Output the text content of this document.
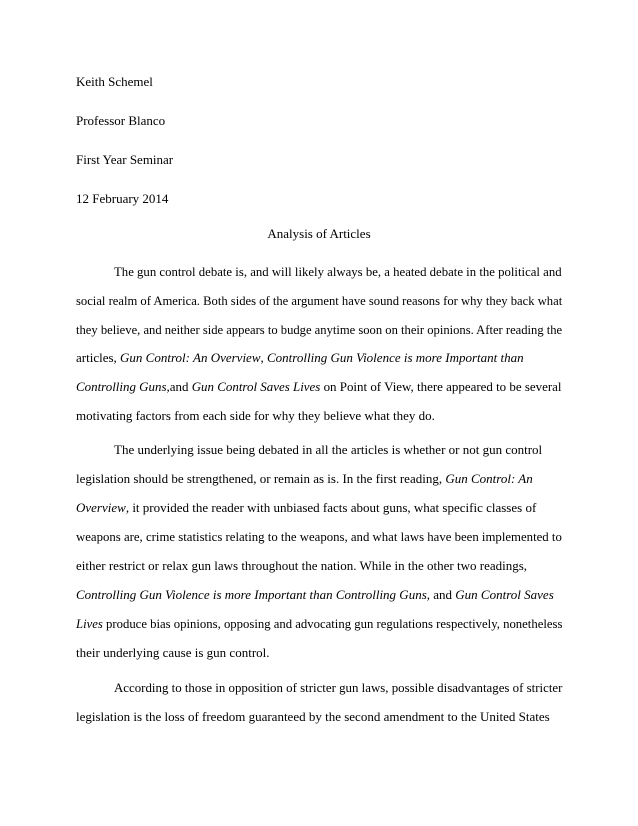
Keith Schemel
Professor Blanco
First Year Seminar
12 February 2014
Analysis of Articles
The gun control debate is, and will likely always be, a heated debate in the political and
social realm of America. Both sides of the argument have sound reasons for why they back what
they believe, and neither side appears to budge anytime soon on their opinions. After reading the
articles, Gun Control: An Overview, Controlling Gun Violence is more Important than
Controlling Guns,and Gun Control Saves Lives on Point of View, there appeared to be several
motivating factors from each side for why they believe what they do.
The underlying issue being debated in all the articles is whether or not gun control
legislation should be strengthened, or remain as is. In the first reading, Gun Control: An
Overview, it provided the reader with unbiased facts about guns, what specific classes of
weapons are, crime statistics relating to the weapons, and what laws have been implemented to
either restrict or relax gun laws throughout the nation. While in the other two readings,
Controlling Gun Violence is more Important than Controlling Guns, and Gun Control Saves
Lives produce bias opinions, opposing and advocating gun regulations respectively, nonetheless
their underlying cause is gun control.
According to those in opposition of stricter gun laws, possible disadvantages of stricter
legislation is the loss of freedom guaranteed by the second amendment to the United States
